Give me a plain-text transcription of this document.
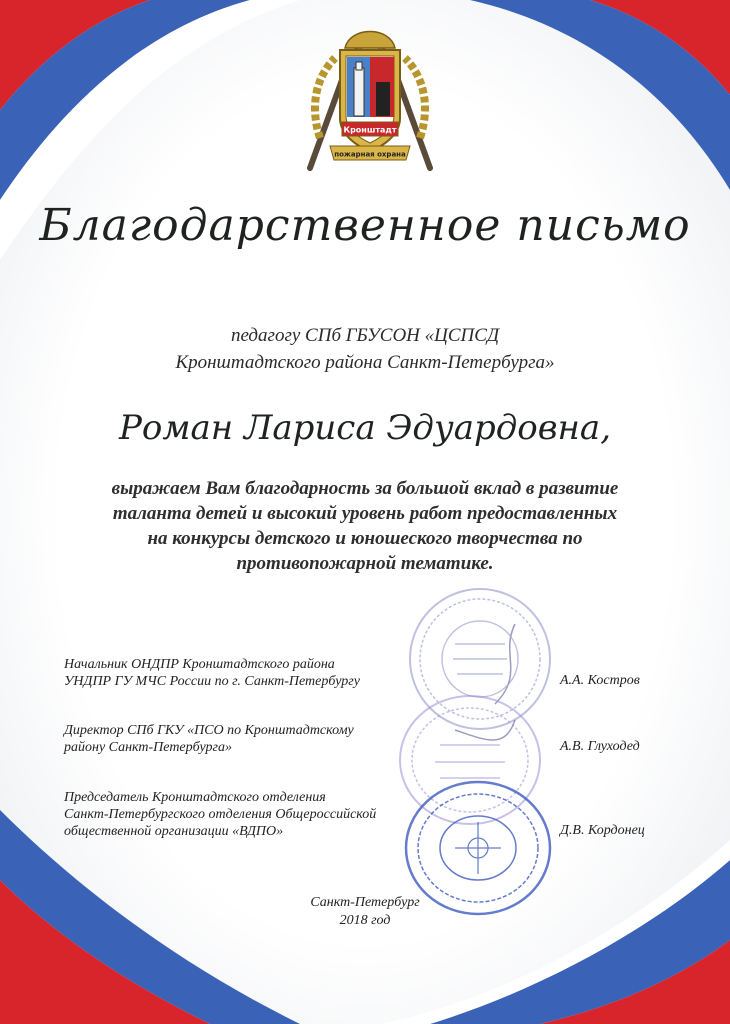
Кронштадт
пожарная охрана
Благодарственное письмо
педагогу СПб ГБУСОН «ЦСПСД
Кронштадтского района Санкт-Петербурга»
Роман Лариса Эдуардовна,
выражаем Вам благодарность за большой вклад в развитие
таланта детей и высокий уровень работ предоставленных
на конкурсы детского и юношеского творчества по
противопожарной тематике.
Начальник ОНДПР Кронштадтского района
УНДПР ГУ МЧС России по г. Санкт-Петербургу	А.А. Костров
Директор СПб ГКУ «ПСО по Кронштадтскому
району Санкт-Петербурга»	А.В. Глуходед
Председатель Кронштадтского отделения
Санкт-Петербургского отделения Общероссийской
общественной организации «ВДПО»	Д.В. Кордонец
Санкт-Петербург
2018 год
